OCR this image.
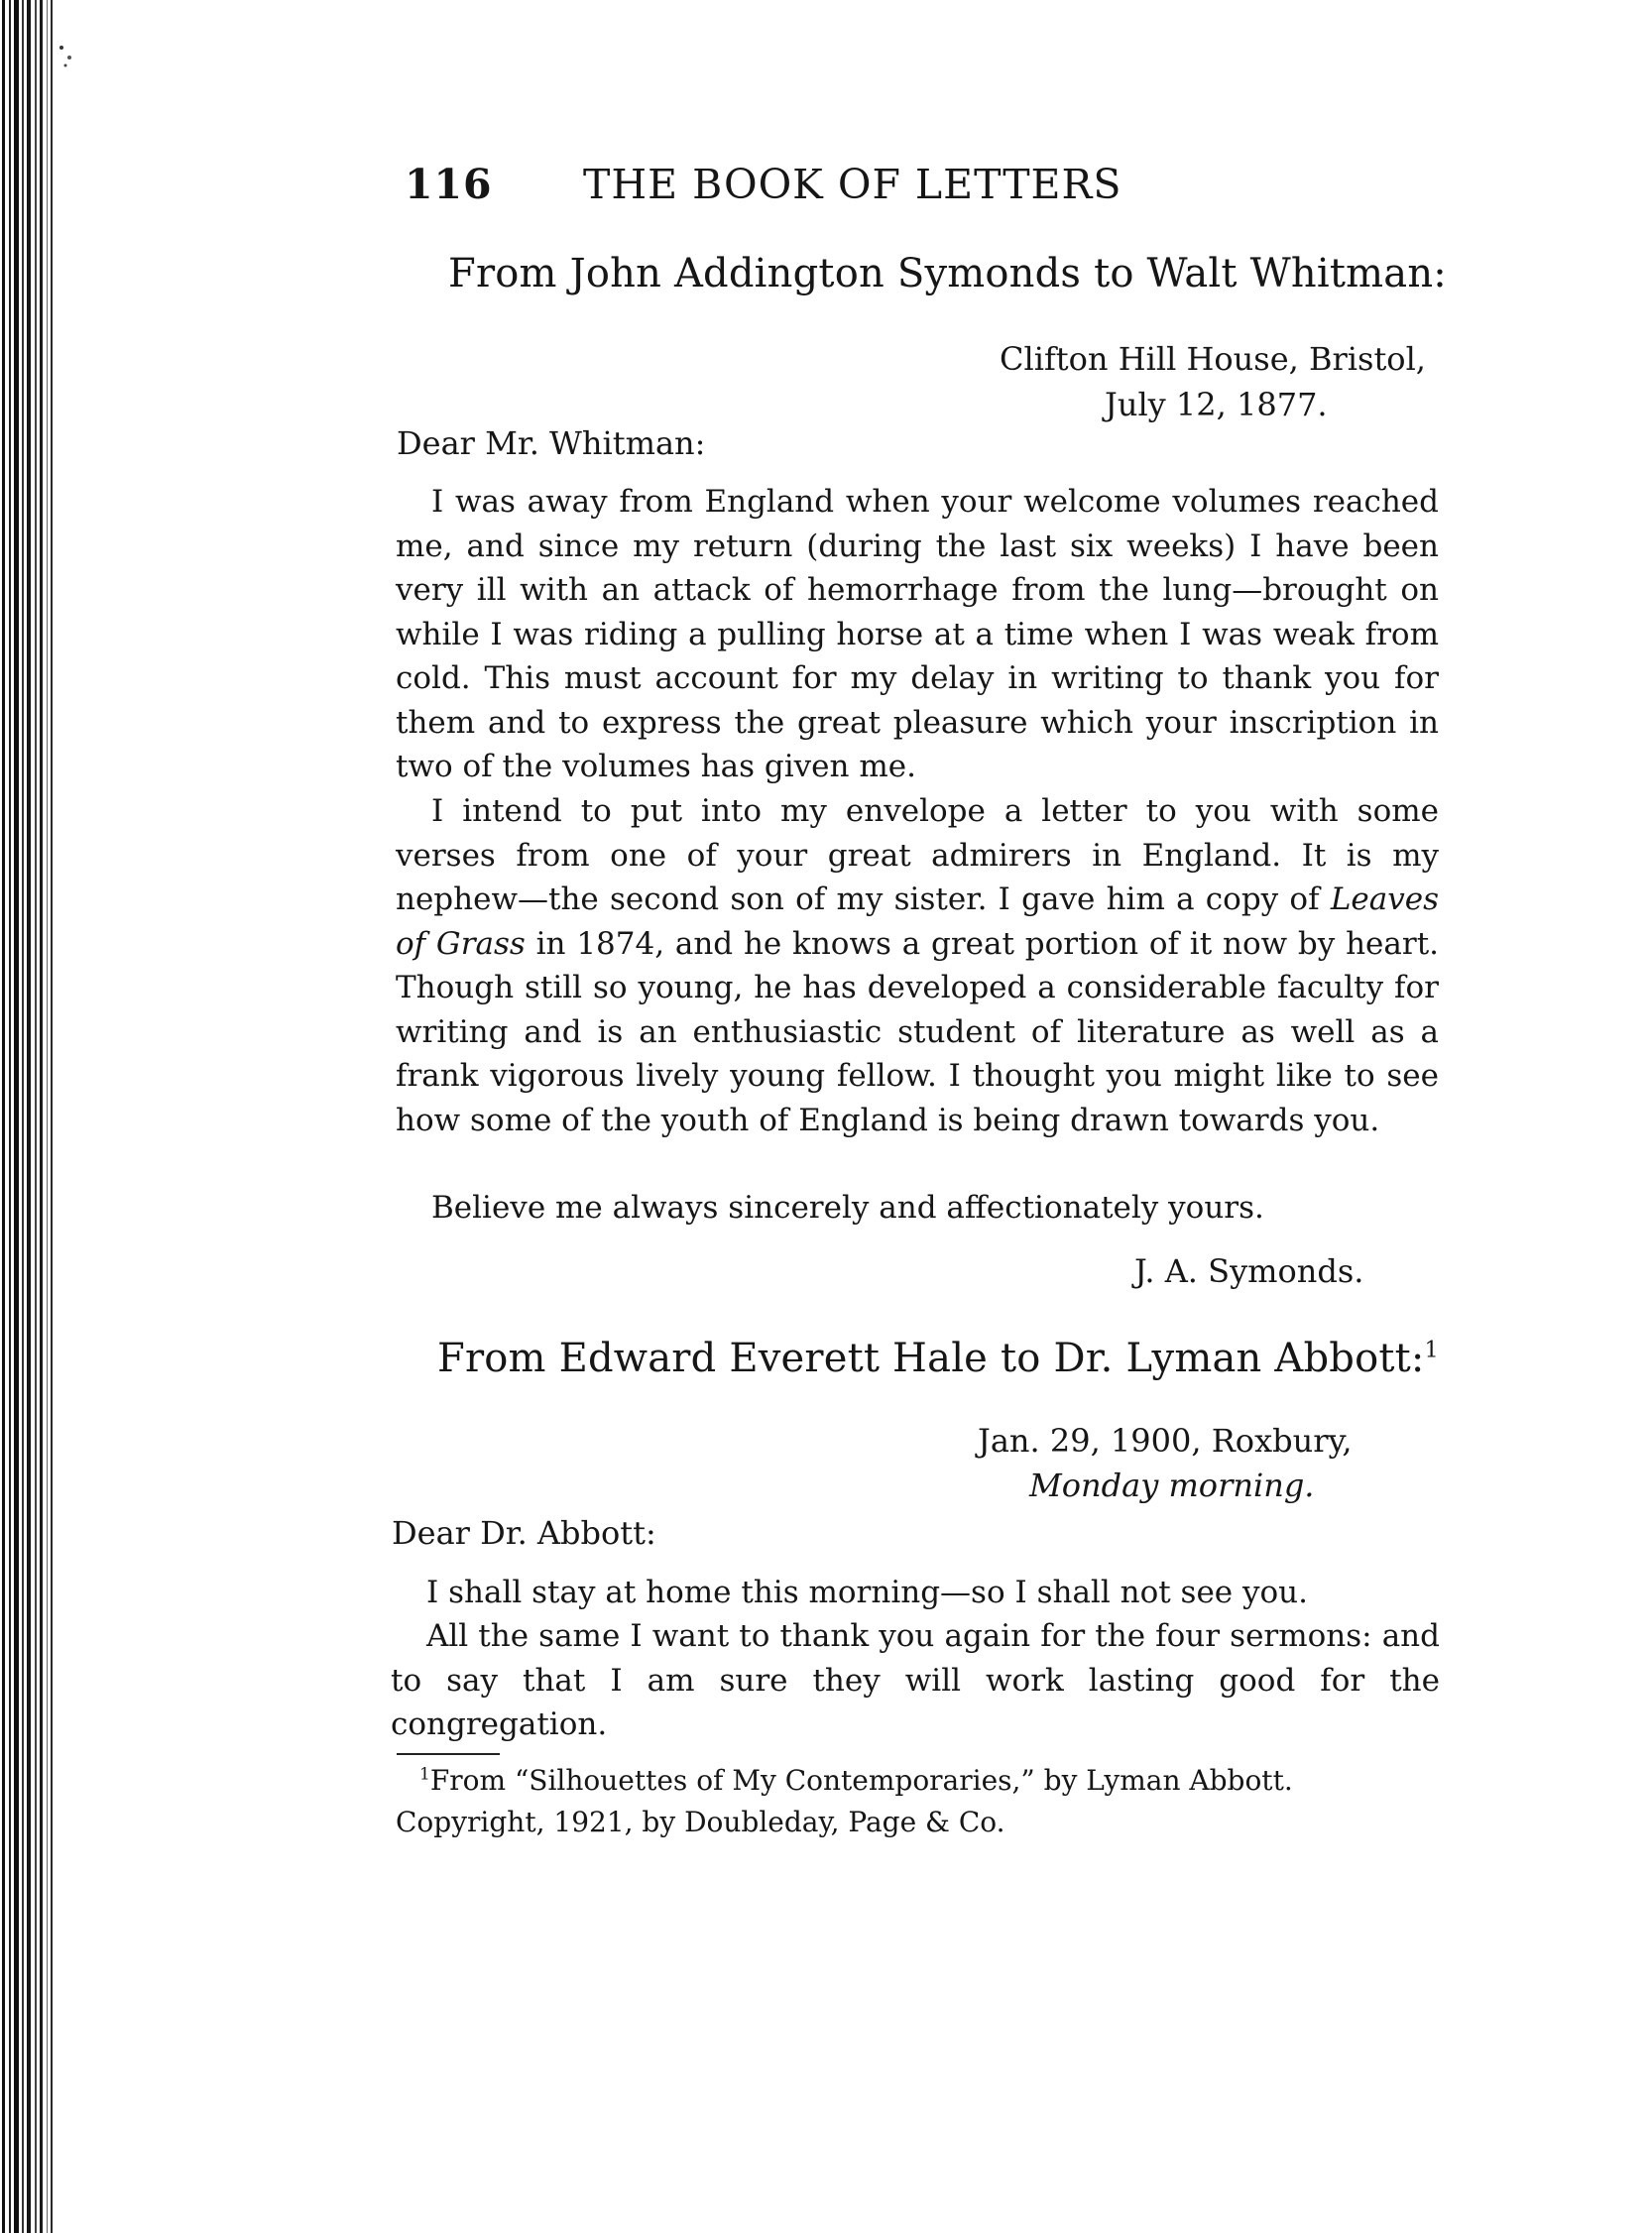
116 THE BOOK OF LETTERS
From John Addington Symonds to Walt Whitman:
Clifton Hill House, Bristol,
July 12, 1877.
Dear Mr. Whitman:
I was away from England when your welcome volumes reached me, and since my return (during the last six weeks) I have been very ill with an attack of hemorrhage from the lung—brought on while I was riding a pulling horse at a time when I was weak from cold. This must account for my delay in writing to thank you for them and to express the great pleasure which your inscription in two of the volumes has given me.
I intend to put into my envelope a letter to you with some verses from one of your great admirers in England. It is my nephew—the second son of my sister. I gave him a copy of Leaves of Grass in 1874, and he knows a great portion of it now by heart. Though still so young, he has developed a considerable faculty for writing and is an enthusiastic student of literature as well as a frank vigorous lively young fellow. I thought you might like to see how some of the youth of England is being drawn towards you.
Believe me always sincerely and affectionately yours.
J. A. Symonds.
From Edward Everett Hale to Dr. Lyman Abbott:$^1$
Jan. 29, 1900, Roxbury,
Monday morning.
Dear Dr. Abbott:
I shall stay at home this morning—so I shall not see you.
All the same I want to thank you again for the four sermons: and to say that I am sure they will work lasting good for the congregation.
$^1$From “Silhouettes of My Contemporaries,” by Lyman Abbott. Copyright, 1921, by Doubleday, Page & Co.
